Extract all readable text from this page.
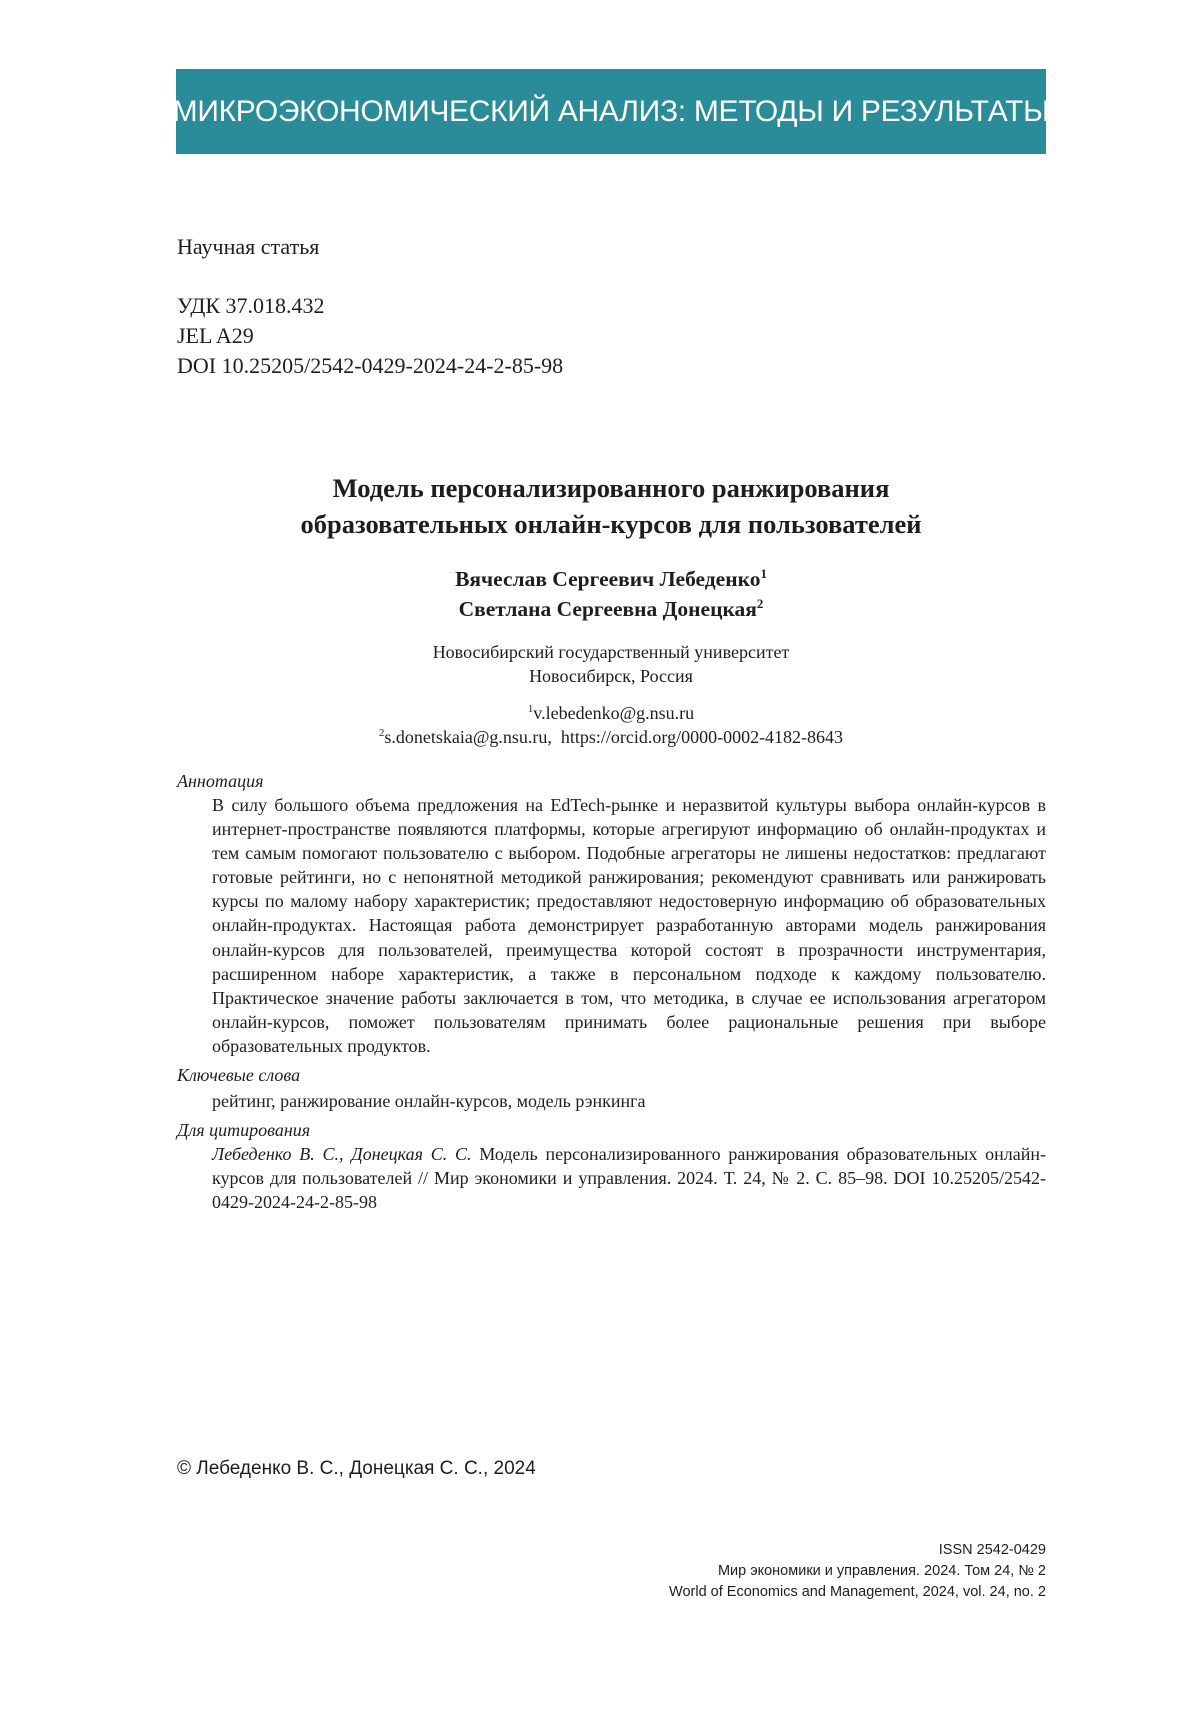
МИКРОЭКОНОМИЧЕСКИЙ АНАЛИЗ: МЕТОДЫ И РЕЗУЛЬТАТЫ
Научная статья
УДК 37.018.432
JEL A29
DOI 10.25205/2542-0429-2024-24-2-85-98
Модель персонализированного ранжирования
образовательных онлайн-курсов для пользователей
Вячеслав Сергеевич Лебеденко$^1$
Светлана Сергеевна Донецкая$^2$
Новосибирский государственный университет
Новосибирск, Россия
$^1$v.lebedenko@g.nsu.ru
$^2$s.donetskaia@g.nsu.ru, https://orcid.org/0000-0002-4182-8643
Аннотация
В силу большого объема предложения на EdTech-рынке и неразвитой культуры выбора онлайн-курсов в интернет-пространстве появляются платформы, которые агрегируют информацию об онлайн-продуктах и тем самым помогают пользователю с выбором. Подобные агрегаторы не лишены недостатков: предлагают готовые рейтинги, но с непонятной методикой ранжирования; рекомендуют сравнивать или ранжировать курсы по малому набору характеристик; предоставляют недостоверную информацию об образовательных онлайн-продуктах. Настоящая работа демонстрирует разработанную авторами модель ранжирования онлайн-курсов для пользователей, преимущества которой состоят в прозрачности инструментария, расширенном наборе характеристик, а также в персональном подходе к каждому пользователю. Практическое значение работы заключается в том, что методика, в случае ее использования агрегатором онлайн-курсов, поможет пользователям принимать более рациональные решения при выборе образовательных продуктов.
Ключевые слова
рейтинг, ранжирование онлайн-курсов, модель рэнкинга
Для цитирования
Лебеденко В. С., Донецкая С. С. Модель персонализированного ранжирования образовательных онлайн-курсов для пользователей // Мир экономики и управления. 2024. Т. 24, № 2. С. 85–98. DOI 10.25205/2542-0429-2024-24-2-85-98
© Лебеденко В. С., Донецкая С. С., 2024
ISSN 2542-0429
Мир экономики и управления. 2024. Том 24, № 2
World of Economics and Management, 2024, vol. 24, no. 2
